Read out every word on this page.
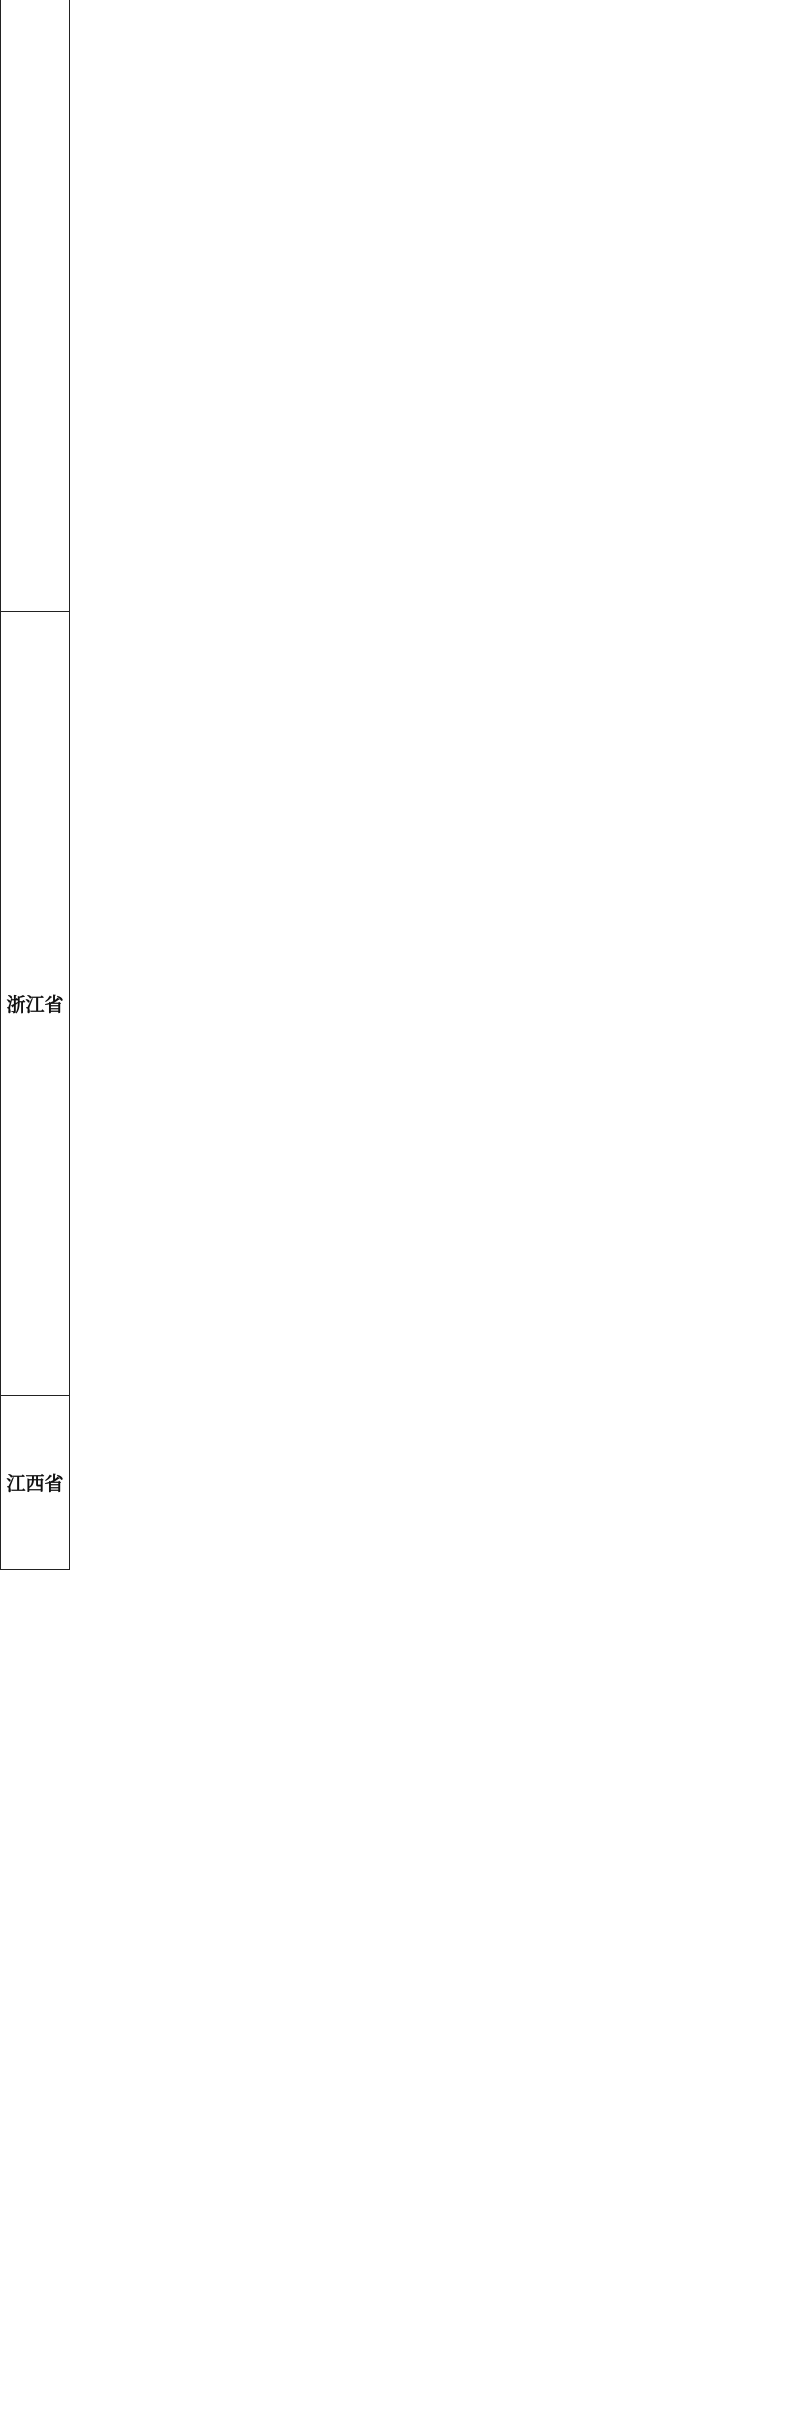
浙江省
江西省
